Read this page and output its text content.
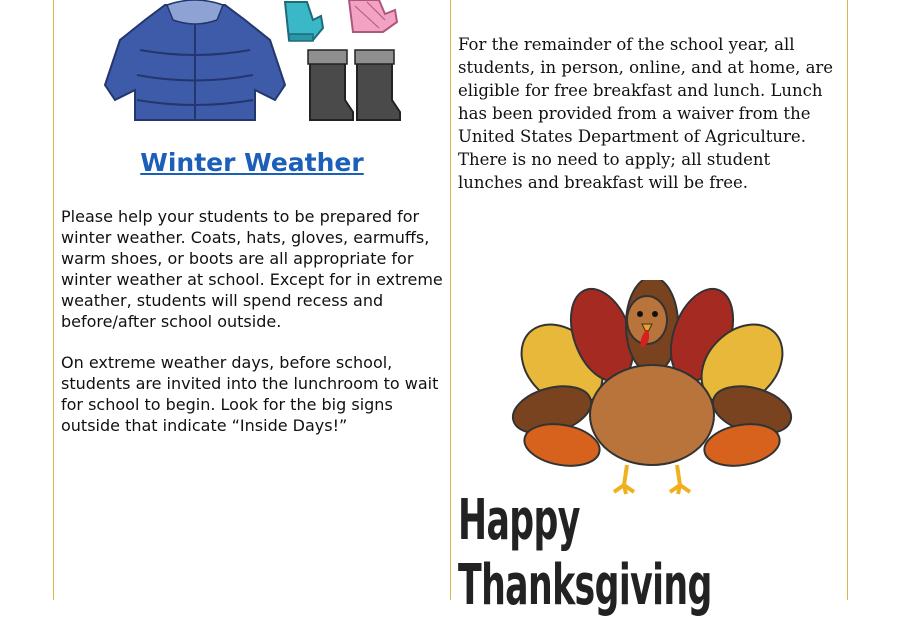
Winter Weather

Please help your students to be prepared for winter weather. Coats, hats, gloves, earmuffs, warm shoes, or boots are all appropriate for winter weather at school. Except for in extreme weather, students will spend recess and before/after school outside.

On extreme weather days, before school, students are invited into the lunchroom to wait for school to begin. Look for the big signs outside that indicate “Inside Days!”

For the remainder of the school year, all students, in person, online, and at home, are eligible for free breakfast and lunch. Lunch has been provided from a waiver from the United States Department of Agriculture. There is no need to apply; all student lunches and breakfast will be free.

Happy Thanksgiving
